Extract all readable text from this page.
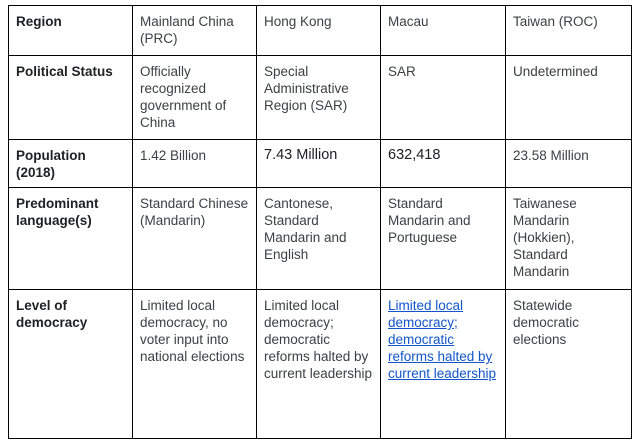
Region	Mainland China (PRC)	Hong Kong	Macau	Taiwan (ROC)
Political Status	Officially recognized government of China	Special Administrative Region (SAR)	SAR	Undetermined
Population (2018)	1.42 Billion	7.43 Million	632,418	23.58 Million
Predominant language(s)	Standard Chinese (Mandarin)	Cantonese, Standard Mandarin and English	Standard Mandarin and Portuguese	Taiwanese Mandarin (Hokkien), Standard Mandarin
Level of democracy	Limited local democracy, no voter input into national elections	Limited local democracy; democratic reforms halted by current leadership	Limited local democracy; democratic reforms halted by current leadership	Statewide democratic elections
